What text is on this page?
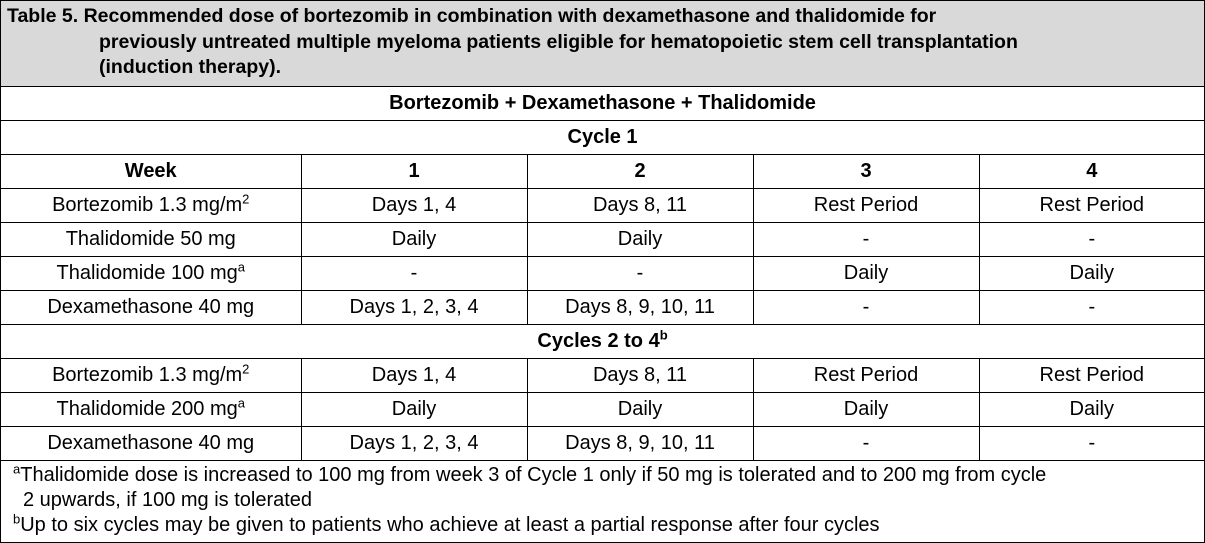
Table 5. Recommended dose of bortezomib in combination with dexamethasone and thalidomide for
previously untreated multiple myeloma patients eligible for hematopoietic stem cell transplantation
(induction therapy).
Bortezomib + Dexamethasone + Thalidomide				
Cycle 1				
Week	1	2	3	4
Bortezomib 1.3 $mg/m^2$	Days 1, 4	Days 8, 11	Rest Period	Rest Period
Thalidomide 50 mg	Daily	Daily	-	-
Thalidomide 100 $mg^a$	-	-	Daily	Daily
Dexamethasone 40 mg	Days 1, 2, 3, 4	Days 8, 9, 10, 11	-	-
Cycles 2 to 4$^b$
Bortezomib 1.3 $mg/m^2$	Days 1, 4	Days 8, 11	Rest Period	Rest Period
Thalidomide 200 $mg^a$	Daily	Daily	Daily	Daily
Dexamethasone 40 mg	Days 1, 2, 3, 4	Days 8, 9, 10, 11	-	-
$^a$Thalidomide dose is increased to 100 mg from week 3 of Cycle 1 only if 50 mg is tolerated and to 200 mg from cycle
2 upwards, if 100 mg is tolerated
$^b$Up to six cycles may be given to patients who achieve at least a partial response after four cycles
